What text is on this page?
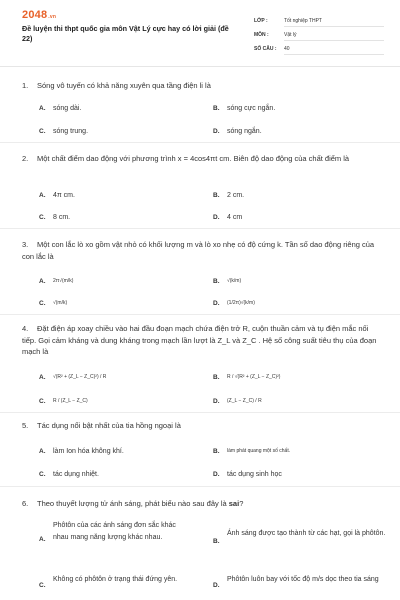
2048.vn
Đề luyện thi thpt quốc gia môn Vật Lý cực hay có lời giải (đề 22)
LỚP :	Tốt nghiệp THPT
MÔN :	Vật lý
SỐ CÂU : 40
1. Sóng vô tuyến có khả năng xuyên qua tầng điện li là
A. sóng dài.	B. sóng cực ngắn.
C. sóng trung.	D. sóng ngắn.
2. Một chất điểm dao động với phương trình x = 4cos4πt cm. Biên độ dao động của chất điểm là
A. 4π cm.	B. 2 cm.
C. 8 cm.	D. 4 cm
3. Một con lắc lò xo gồm vật nhỏ có khối lượng m và lò xo nhẹ có độ cứng k. Tần số dao động riêng của con lắc là
A. 2π√(m/k)	B. √(k/m)
C. √(m/k)	D. (1/2π)√(k/m)
4. Đặt điện áp xoay chiều vào hai đầu đoạn mạch chứa điện trở R, cuộn thuần cảm và tụ điện mắc nối tiếp. Gọi cảm kháng và dung kháng trong mạch lần lượt là Z_L và Z_C . Hệ số công suất tiêu thụ của đoạn mạch là
A. √(R² + (Z_L − Z_C)²) / R	B. R / √(R² + (Z_L − Z_C)²)
C. R / (Z_L − Z_C)	D. (Z_L − Z_C) / R
5. Tác dụng nổi bật nhất của tia hồng ngoại là
A. làm Ion hóa không khí.	B. làm phát quang một số chất.
C. tác dụng nhiệt.	D. tác dụng sinh học
6. Theo thuyết lượng tử ánh sáng, phát biểu nào sau đây là sai?
A.
Phôtôn của các ánh sáng đơn sắc khác nhau mang năng lượng khác nhau.
B.
Ánh sáng được tạo thành từ các hạt, gọi là phôtôn.
C.
Không có phôtôn ở trạng thái đứng yên.
D.
Phôtôn luôn bay với tốc độ m/s dọc theo tia sáng
